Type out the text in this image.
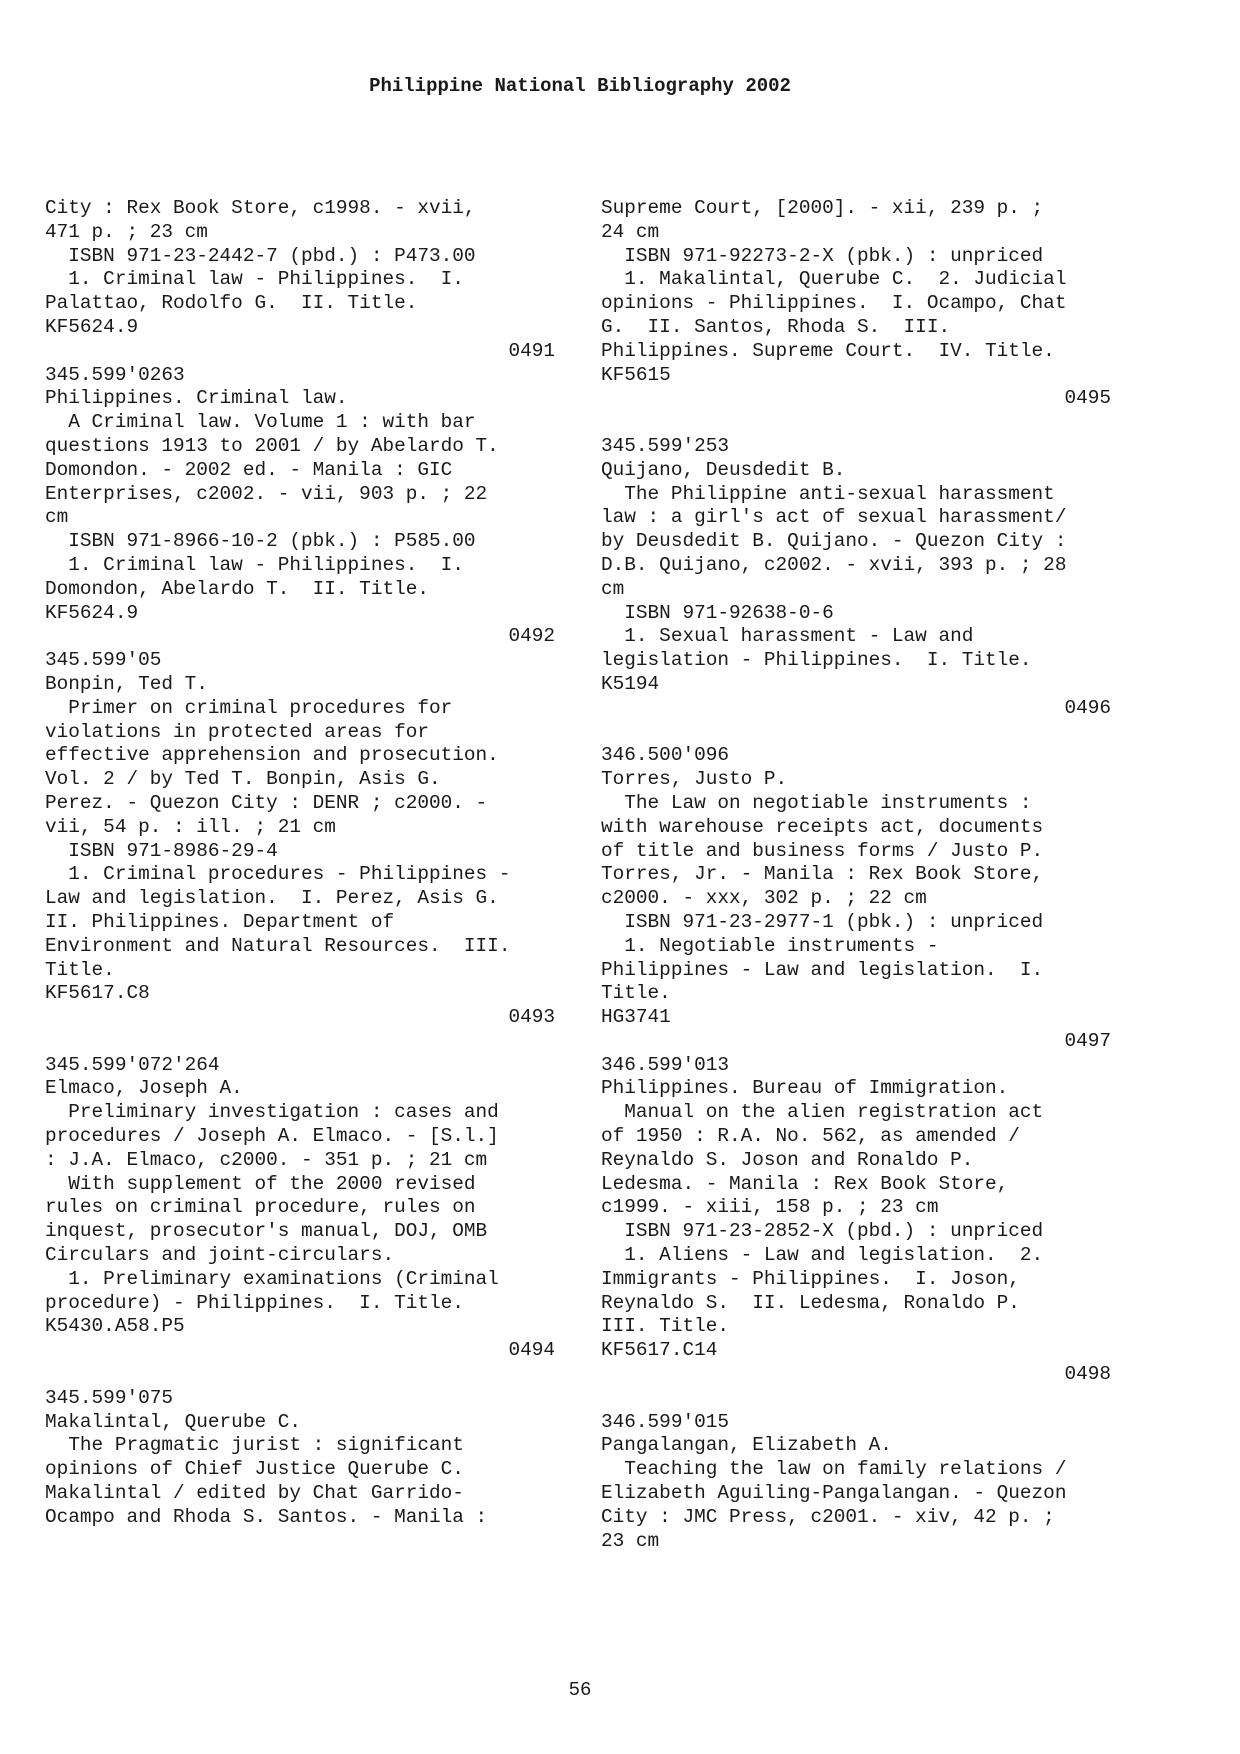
Philippine National Bibliography 2002
City : Rex Book Store, c1998. - xvii,
471 p. ; 23 cm
ISBN 971-23-2442-7 (pbd.) : P473.00
1. Criminal law - Philippines.  I.
Palattao, Rodolfo G.  II. Title.
KF5624.9
0491
345.599'0263
Philippines. Criminal law.
A Criminal law. Volume 1 : with bar
questions 1913 to 2001 / by Abelardo T.
Domondon. - 2002 ed. - Manila : GIC
Enterprises, c2002. - vii, 903 p. ; 22
cm
ISBN 971-8966-10-2 (pbk.) : P585.00
1. Criminal law - Philippines.  I.
Domondon, Abelardo T.  II. Title.
KF5624.9
0492
345.599'05
Bonpin, Ted T.
Primer on criminal procedures for
violations in protected areas for
effective apprehension and prosecution.
Vol. 2 / by Ted T. Bonpin, Asis G.
Perez. - Quezon City : DENR ; c2000. -
vii, 54 p. : ill. ; 21 cm
ISBN 971-8986-29-4
1. Criminal procedures - Philippines -
Law and legislation.  I. Perez, Asis G.
II. Philippines. Department of
Environment and Natural Resources.  III.
Title.
KF5617.C8
0493
345.599'072'264
Elmaco, Joseph A.
Preliminary investigation : cases and
procedures / Joseph A. Elmaco. - [S.l.]
: J.A. Elmaco, c2000. - 351 p. ; 21 cm
With supplement of the 2000 revised
rules on criminal procedure, rules on
inquest, prosecutor's manual, DOJ, OMB
Circulars and joint-circulars.
1. Preliminary examinations (Criminal
procedure) - Philippines.  I. Title.
K5430.A58.P5
0494
345.599'075
Makalintal, Querube C.
The Pragmatic jurist : significant
opinions of Chief Justice Querube C.
Makalintal / edited by Chat Garrido-
Ocampo and Rhoda S. Santos. - Manila :
Supreme Court, [2000]. - xii, 239 p. ;
24 cm
ISBN 971-92273-2-X (pbk.) : unpriced
1. Makalintal, Querube C.  2. Judicial
opinions - Philippines.  I. Ocampo, Chat
G.  II. Santos, Rhoda S.  III.
Philippines. Supreme Court.  IV. Title.
KF5615
0495
345.599'253
Quijano, Deusdedit B.
The Philippine anti-sexual harassment
law : a girl's act of sexual harassment/
by Deusdedit B. Quijano. - Quezon City :
D.B. Quijano, c2002. - xvii, 393 p. ; 28
cm
ISBN 971-92638-0-6
1. Sexual harassment - Law and
legislation - Philippines.  I. Title.
K5194
0496
346.500'096
Torres, Justo P.
The Law on negotiable instruments :
with warehouse receipts act, documents
of title and business forms / Justo P.
Torres, Jr. - Manila : Rex Book Store,
c2000. - xxx, 302 p. ; 22 cm
ISBN 971-23-2977-1 (pbk.) : unpriced
1. Negotiable instruments -
Philippines - Law and legislation.  I.
Title.
HG3741
0497
346.599'013
Philippines. Bureau of Immigration.
Manual on the alien registration act
of 1950 : R.A. No. 562, as amended /
Reynaldo S. Joson and Ronaldo P.
Ledesma. - Manila : Rex Book Store,
c1999. - xiii, 158 p. ; 23 cm
ISBN 971-23-2852-X (pbd.) : unpriced
1. Aliens - Law and legislation.  2.
Immigrants - Philippines.  I. Joson,
Reynaldo S.  II. Ledesma, Ronaldo P.
III. Title.
KF5617.C14
0498
346.599'015
Pangalangan, Elizabeth A.
Teaching the law on family relations /
Elizabeth Aguiling-Pangalangan. - Quezon
City : JMC Press, c2001. - xiv, 42 p. ;
23 cm
56
